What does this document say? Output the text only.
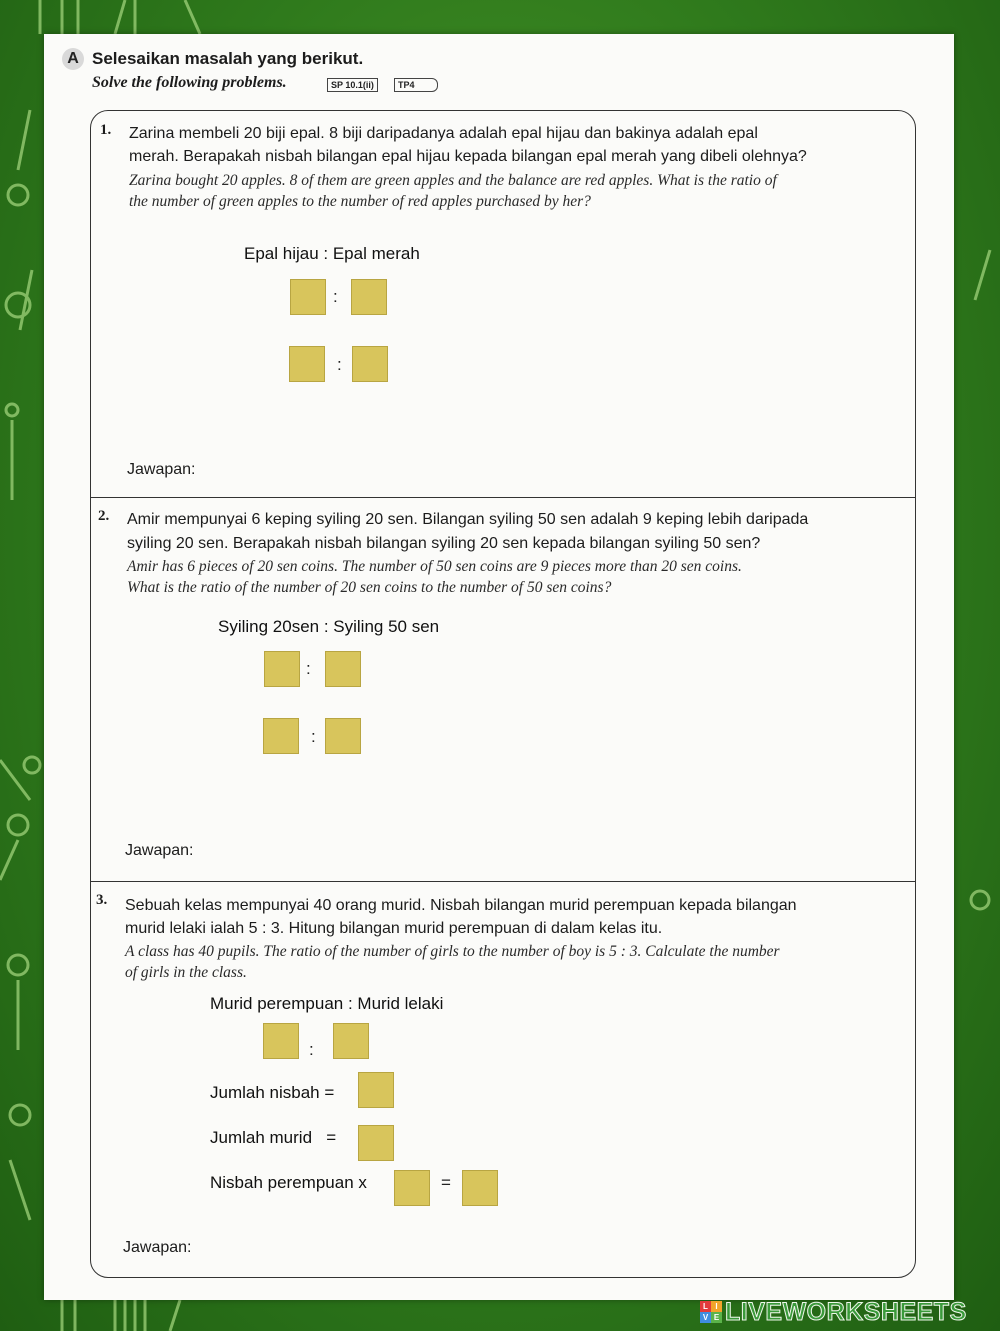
A Selesaikan masalah yang berikut.
Solve the following problems.	SP 10.1(ii)	TP4
1. Zarina membeli 20 biji epal. 8 biji daripadanya adalah epal hijau dan bakinya adalah epal
merah. Berapakah nisbah bilangan epal hijau kepada bilangan epal merah yang dibeli olehnya?
Zarina bought 20 apples. 8 of them are green apples and the balance are red apples. What is the ratio of
the number of green apples to the number of red apples purchased by her?
Epal hijau : Epal merah
:
:
Jawapan:
2. Amir mempunyai 6 keping syiling 20 sen. Bilangan syiling 50 sen adalah 9 keping lebih daripada
syiling 20 sen. Berapakah nisbah bilangan syiling 20 sen kepada bilangan syiling 50 sen?
Amir has 6 pieces of 20 sen coins. The number of 50 sen coins are 9 pieces more than 20 sen coins.
What is the ratio of the number of 20 sen coins to the number of 50 sen coins?
Syiling 20sen : Syiling 50 sen
:
:
Jawapan:
3. Sebuah kelas mempunyai 40 orang murid. Nisbah bilangan murid perempuan kepada bilangan
murid lelaki ialah 5 : 3. Hitung bilangan murid perempuan di dalam kelas itu.
A class has 40 pupils. The ratio of the number of girls to the number of boy is 5 : 3. Calculate the number
of girls in the class.
Murid perempuan : Murid lelaki
:
Jumlah nisbah =
Jumlah murid   =
Nisbah perempuan x	=
Jawapan:
L I
V E LIVEWORKSHEETS
